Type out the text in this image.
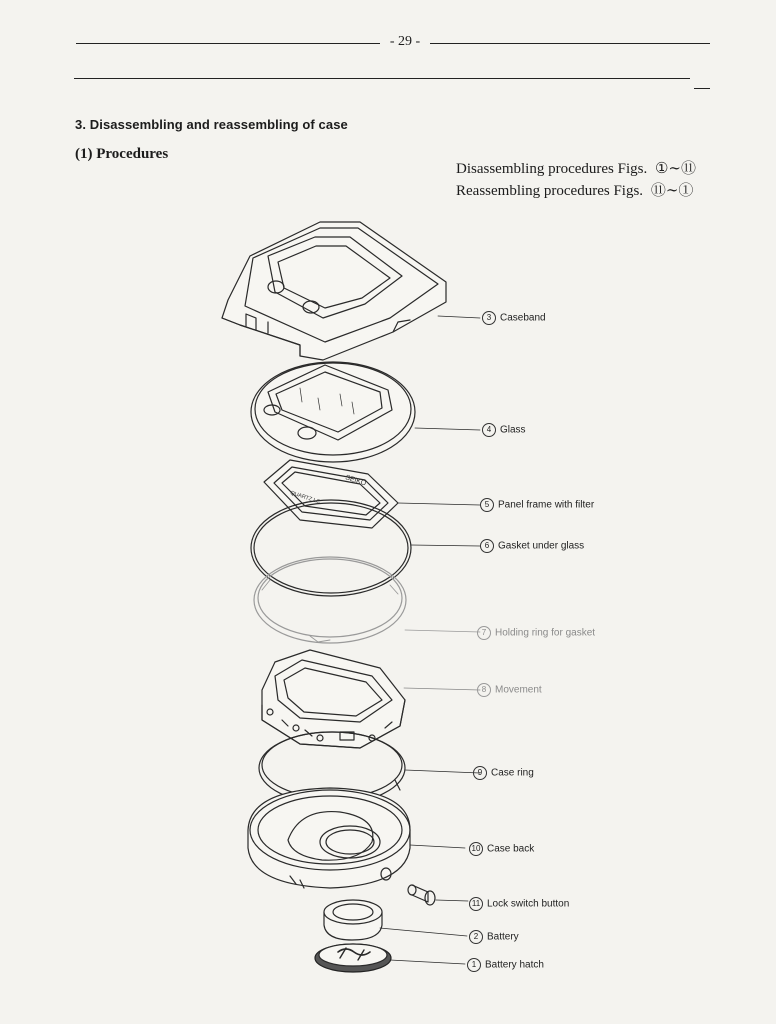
- 29 -
3. Disassembling and reassembling of case
(1) Procedures
Disassembling procedures Figs. ①∼⑪
Reassembling procedures Figs. ⑪∼①
SEIKO
QUARTZ LC
3 Caseband
4 Glass
5 Panel frame with filter
6 Gasket under glass
7 Holding ring for gasket
8 Movement
9 Case ring
10 Case back
11 Lock switch button
2 Battery
1 Battery hatch
